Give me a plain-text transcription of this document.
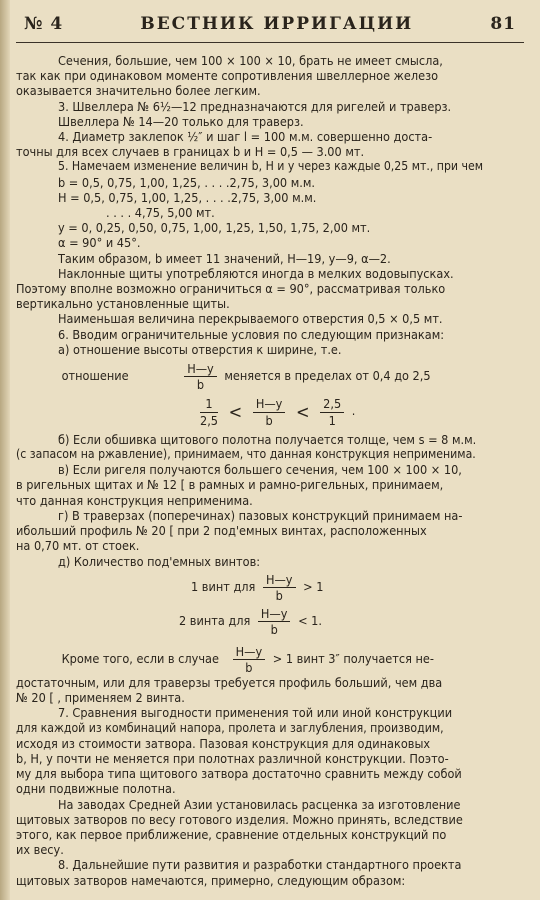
№ 4	ВЕСТНИК ИРРИГАЦИИ	81

Сечения, большие, чем 100 × 100 × 10, брать не имеет смысла,

так как при одинаковом моменте сопротивления швеллерное железо

оказывается значительно более легким.

3. Швеллера № 6½—12 предназначаются для ригелей и траверз.

Швеллера № 14—20 только для траверз.

4. Диаметр заклепок ½″ и шаг l = 100 м.м. совершенно доста-

точны для всех случаев в границах b и H = 0,5 — 3.00 мт.

5. Намечаем изменение величин b, H и y через каждые 0,25 мт., при чем

b = 0,5, 0,75, 1,00, 1,25, . . . .2,75, 3,00 м.м.

H = 0,5, 0,75, 1,00, 1,25, . . . .2,75, 3,00 м.м.

. . . . 4,75, 5,00 мт.

y = 0, 0,25, 0,50, 0,75, 1,00, 1,25, 1,50, 1,75, 2,00 мт.

α = 90° и 45°.

Таким образом, b имеет 11 значений, H—19, y—9, α—2.

Наклонные щиты употребляются иногда в мелких водовыпусках.

Поэтому вполне возможно ограничиться α = 90°, рассматривая только

вертикально установленные щиты.

Наименьшая величина перекрываемого отверстия 0,5 × 0,5 мт.

6. Вводим ограничительные условия по следующим признакам:

а) отношение высоты отверстия к ширине, т.е.

отношение	$\frac{H—y}{b}$ меняется в пределах от 0,4 до 2,5
$\frac{1}{2,5} < \frac{H—y}{b} < \frac{2,5}{1}$ .

б) Если обшивка щитового полотна получается толще, чем s = 8 м.м.

(с запасом на ржавление), принимаем, что данная конструкция неприменима.

в) Если ригеля получаются большего сечения, чем 100 × 100 × 10,

в ригельных щитах и № 12 [ в рамных и рамно-ригельных, принимаем,

что данная конструкция неприменима.

г) В траверзах (поперечинах) пазовых конструкций принимаем на-

ибольший профиль № 20 [ при 2 под'емных винтах, расположенных

на 0,70 мт. от стоек.

д) Количество под'емных винтов:

1 винт для $\frac{H—y}{b} > 1$
2 винта для $\frac{H—y}{b} < 1$.
Кроме того, если в случае $\frac{H—y}{b} > 1$ винт 3″ получается не-

достаточным, или для траверзы требуется профиль больший, чем два

№ 20 [ , применяем 2 винта.

7. Сравнения выгодности применения той или иной конструкции

для каждой из комбинаций напора, пролета и заглубления, производим,

исходя из стоимости затвора. Пазовая конструкция для одинаковых

b, H, y почти не меняется при полотнах различной конструкции. Поэто-

му для выбора типа щитового затвора достаточно сравнить между собой

одни подвижные полотна.

На заводах Средней Азии установилась расценка за изготовление

щитовых затворов по весу готового изделия. Можно принять, вследствие

этого, как первое приближение, сравнение отдельных конструкций по

их весу.

8. Дальнейшие пути развития и разработки стандартного проекта

щитовых затворов намечаются, примерно, следующим образом:
